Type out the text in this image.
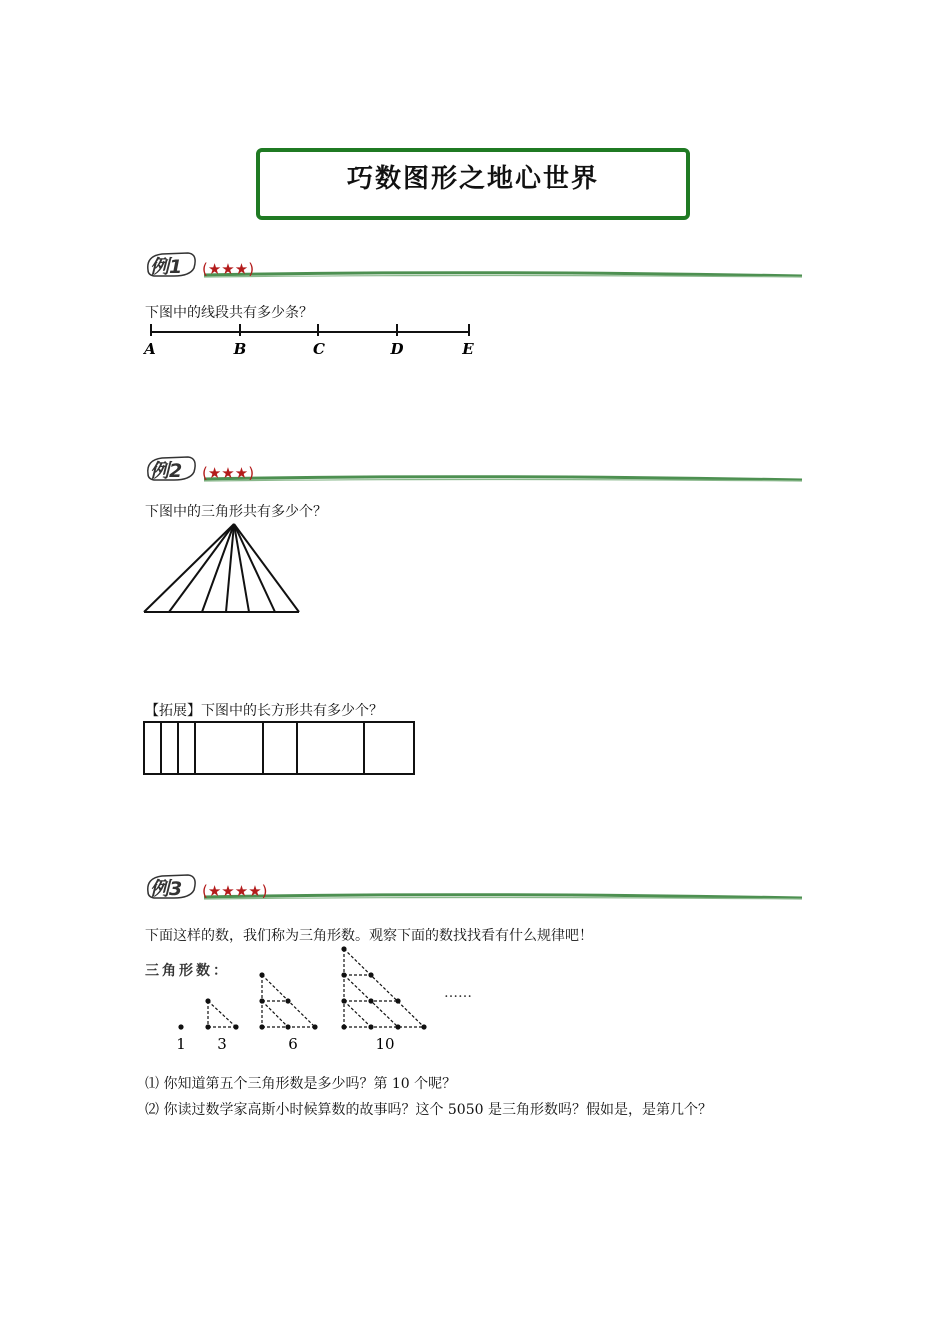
巧数图形之地心世界
例1 (★★★)
下图中的线段共有多少条？
A	B	C	D	E
例2 (★★★)
下图中的三角形共有多少个？
【拓展】下图中的长方形共有多少个？
例3 (★★★★)
下面这样的数，我们称为三角形数。观察下面的数找找看有什么规律吧！
三角形数：
……
1 3	6	10
⑴ 你知道第五个三角形数是多少吗？第 10 个呢？
⑵ 你读过数学家高斯小时候算数的故事吗？这个 5050 是三角形数吗？假如是，是第几个？
